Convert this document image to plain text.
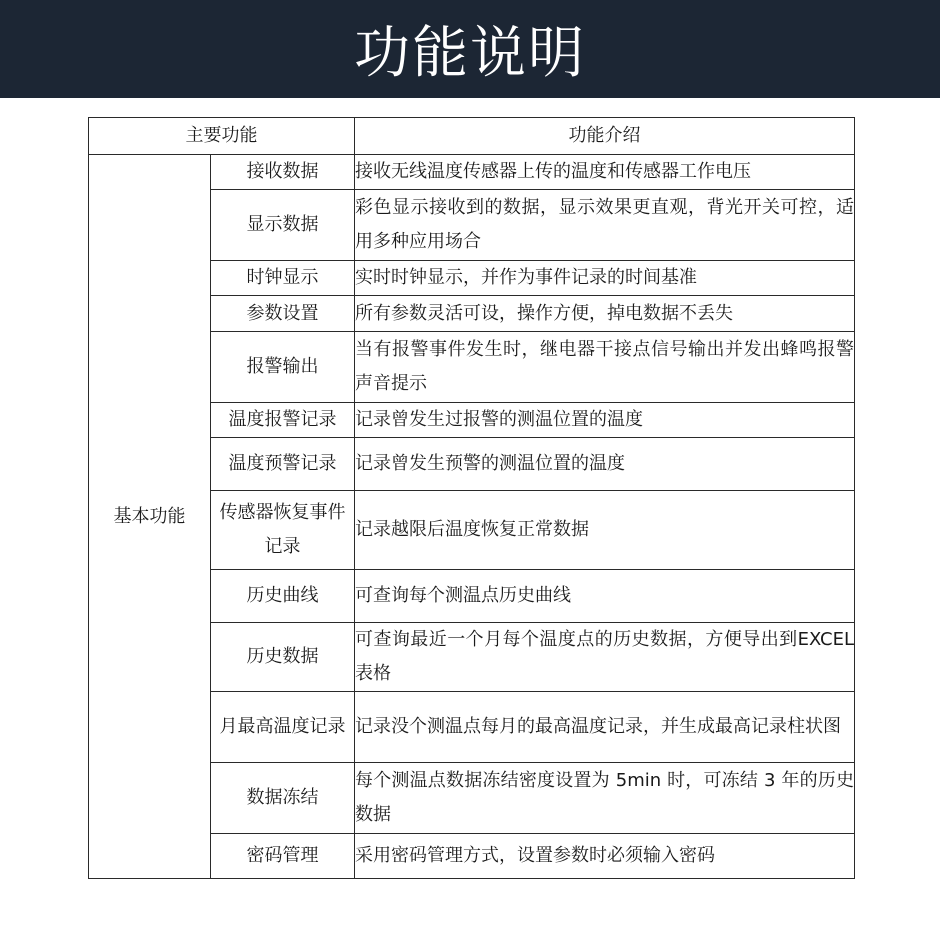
功能说明
主要功能		功能介绍
基本功能	接收数据	接收无线温度传感器上传的温度和传感器工作电压
	显示数据	彩色显示接收到的数据，显示效果更直观，背光开关可控，适用多种应用场合
	时钟显示	实时时钟显示，并作为事件记录的时间基准
	参数设置	所有参数灵活可设，操作方便，掉电数据不丢失
	报警输出	当有报警事件发生时，继电器干接点信号输出并发出蜂鸣报警声音提示
	温度报警记录	记录曾发生过报警的测温位置的温度
	温度预警记录	记录曾发生预警的测温位置的温度
	传感器恢复事件记录	记录越限后温度恢复正常数据
	历史曲线	可查询每个测温点历史曲线
	历史数据	可查询最近一个月每个温度点的历史数据，方便导出到EXCEL 表格
	月最高温度记录	记录没个测温点每月的最高温度记录，并生成最高记录柱状图
	数据冻结	每个测温点数据冻结密度设置为 5min 时，可冻结 3 年的历史数据
	密码管理	采用密码管理方式，设置参数时必须输入密码
